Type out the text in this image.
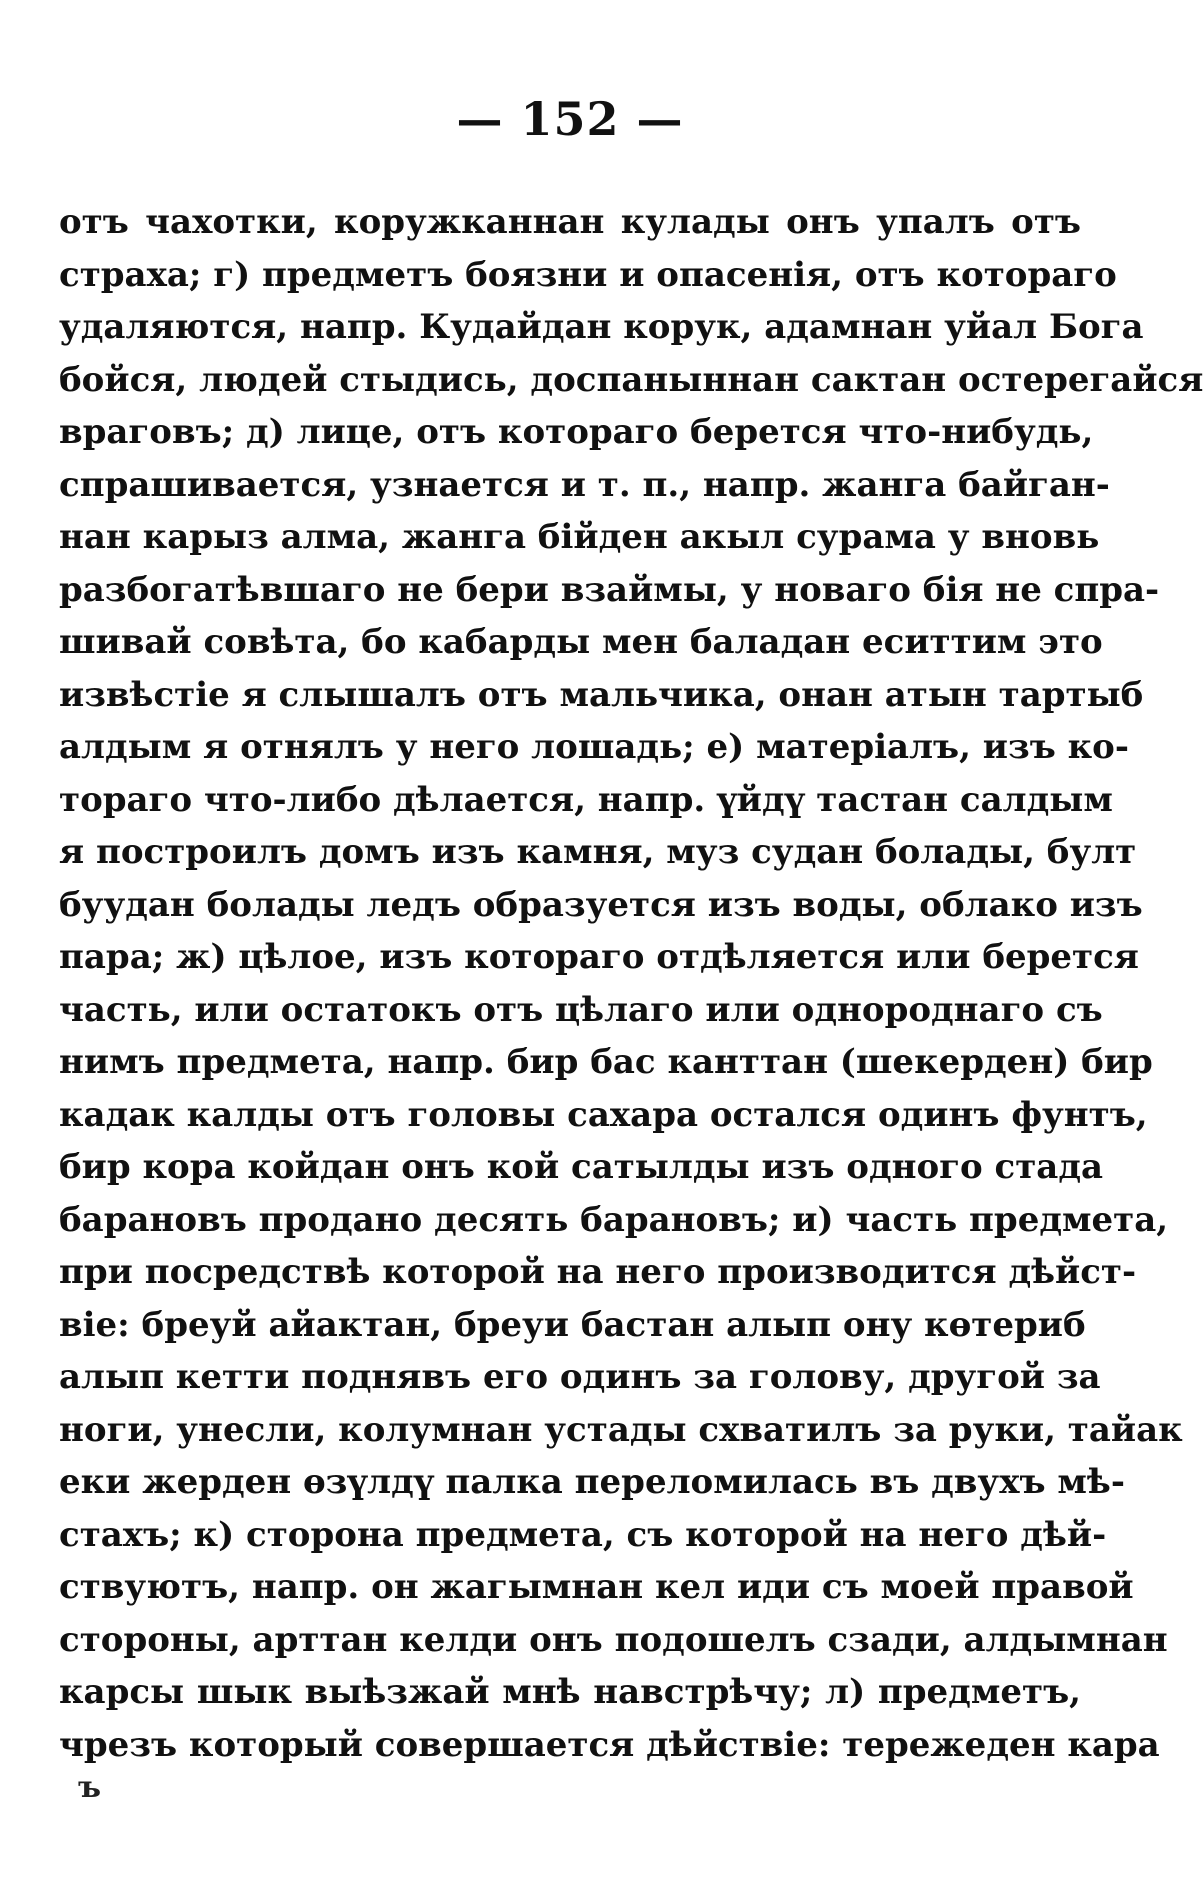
— 152 —
отъ чахотки, коружканнан кулады онъ упалъ отъ
страха; г) предметъ боязни и опасенія, отъ котораго
удаляются, напр. Кудайдан корук, адамнан уйал Бога
бойся, людей стыдись, доспаныннан сактан остерегайся
враговъ; д) лице, отъ котораго берется что-нибудь,
спрашивается, узнается и т. п., напр. жанга байган-
нан карыз алма, жанга бійден акыл сурама у вновь
разбогатѣвшаго не бери взаймы, у новаго бія не спра-
шивай совѣта, бо кабарды мен баладан еситтим это
извѣстіе я слышалъ отъ мальчика, онан атын тартыб
алдым я отнялъ у него лошадь; е) матеріалъ, изъ ко-
тораго что-либо дѣлается, напр. үйдү тастан салдым
я построилъ домъ изъ камня, муз судан болады, булт
буудан болады ледъ образуется изъ воды, облако изъ
пара; ж) цѣлое, изъ котораго отдѣляется или берется
часть, или остатокъ отъ цѣлаго или однороднаго съ
нимъ предмета, напр. бир бас канттан (шекерден) бир
кадак калды отъ головы сахара остался одинъ фунтъ,
бир кора койдан онъ кой сатылды изъ одного стада
барановъ продано десять барановъ; и) часть предмета,
при посредствѣ которой на него производится дѣйст-
віе: бреуй айактан, бреуи бастан алып ону көтериб
алып кетти поднявъ его одинъ за голову, другой за
ноги, унесли, колумнан устады схватилъ за руки, тайак
еки жерден өзүлдү палка переломилась въ двухъ мѣ-
стахъ; к) сторона предмета, съ которой на него дѣй-
ствуютъ, напр. он жагымнан кел иди съ моей правой
стороны, арттан келди онъ подошелъ сзади, алдымнан
карсы шык выѣзжай мнѣ навстрѣчу; л) предметъ,
чрезъ который совершается дѣйствіе: тережеден кара
ъ
